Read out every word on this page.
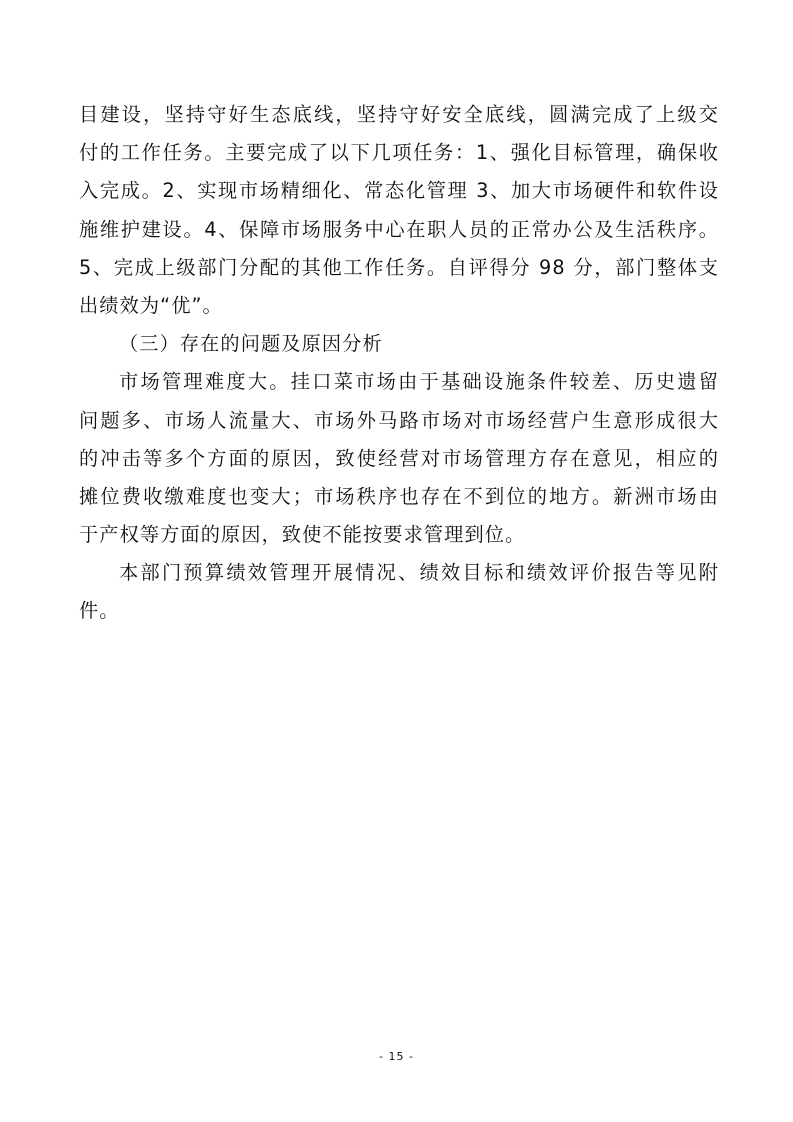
目建设，坚持守好生态底线，坚持守好安全底线，圆满完成了上级交
付的工作任务。主要完成了以下几项任务：1、强化目标管理，确保收
入完成。2、实现市场精细化、常态化管理 3、加大市场硬件和软件设
施维护建设。4、保障市场服务中心在职人员的正常办公及生活秩序。
5、完成上级部门分配的其他工作任务。自评得分 98 分，部门整体支
出绩效为“优”。
（三）存在的问题及原因分析
市场管理难度大。挂口菜市场由于基础设施条件较差、历史遗留
问题多、市场人流量大、市场外马路市场对市场经营户生意形成很大
的冲击等多个方面的原因，致使经营对市场管理方存在意见，相应的
摊位费收缴难度也变大；市场秩序也存在不到位的地方。新洲市场由
于产权等方面的原因，致使不能按要求管理到位。
本部门预算绩效管理开展情况、绩效目标和绩效评价报告等见附
件。
- 15 -
